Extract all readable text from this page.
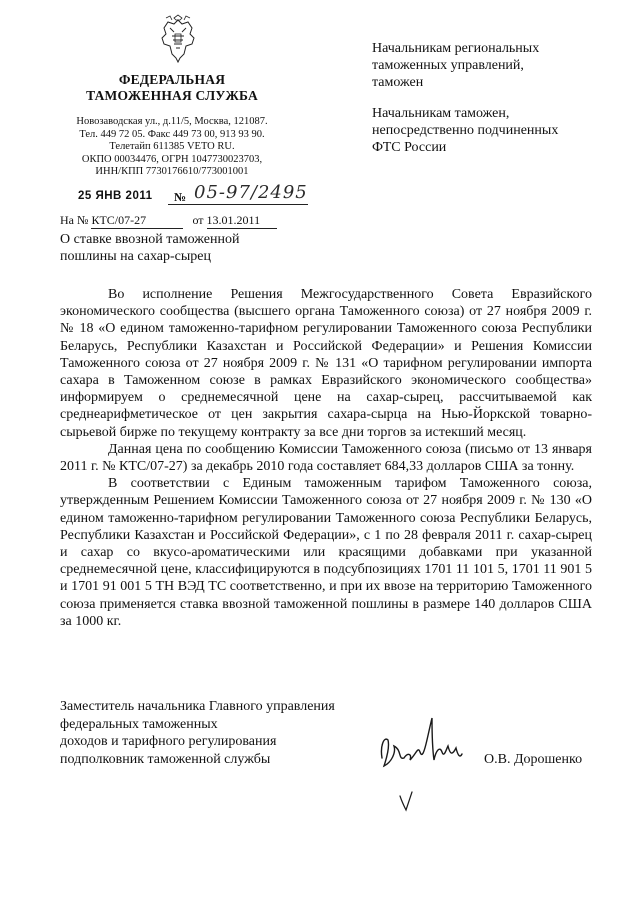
ФЕДЕРАЛЬНАЯ
ТАМОЖЕННАЯ СЛУЖБА
Новозаводская ул., д.11/5, Москва, 121087.
Тел. 449 72 05. Факс 449 73 00, 913 93 90.
Телетайп 611385 VETO RU.
ОКПО 00034476, ОГРН 1047730023703,
ИНН/КПП 7730176610/773001001
25 ЯНВ 2011 № 05-97/2495
На № КТС/07-27	от 13.01.2011
О ставке ввозной таможенной
пошлины на сахар-сырец

Начальникам региональных
таможенных управлений,
таможен

Начальникам таможен,
непосредственно подчиненных
ФТС России

Во исполнение Решения Межгосударственного Совета Евразийского экономического сообщества (высшего органа Таможенного союза) от 27 ноября 2009 г. № 18 «О едином таможенно-тарифном регулировании Таможенного союза Республики Беларусь, Республики Казахстан и Российской Федерации» и Решения Комиссии Таможенного союза от 27 ноября 2009 г. № 131 «О тарифном регулировании импорта сахара в Таможенном союзе в рамках Евразийского экономического сообщества» информируем о среднемесячной цене на сахар-сырец, рассчитываемой как среднеарифметическое от цен закрытия сахара-сырца на Нью-Йоркской товарно-сырьевой бирже по текущему контракту за все дни торгов за истекший месяц.

Данная цена по сообщению Комиссии Таможенного союза (письмо от 13 января 2011 г. № КТС/07-27) за декабрь 2010 года составляет 684,33 долларов США за тонну.

В соответствии с Единым таможенным тарифом Таможенного союза, утвержденным Решением Комиссии Таможенного союза от 27 ноября 2009 г. № 130 «О едином таможенно-тарифном регулировании Таможенного союза Республики Беларусь, Республики Казахстан и Российской Федерации», с 1 по 28 февраля 2011 г. сахар-сырец и сахар со вкусо-ароматическими или красящими добавками при указанной среднемесячной цене, классифицируются в подсубпозициях 1701 11 101 5, 1701 11 901 5 и 1701 91 001 5 ТН ВЭД ТС соответственно, и при их ввозе на территорию Таможенного союза применяется ставка ввозной таможенной пошлины в размере 140 долларов США за 1000 кг.

Заместитель начальника Главного управления
федеральных таможенных
доходов и тарифного регулирования
подполковник таможенной службы	О.В. Дорошенко
